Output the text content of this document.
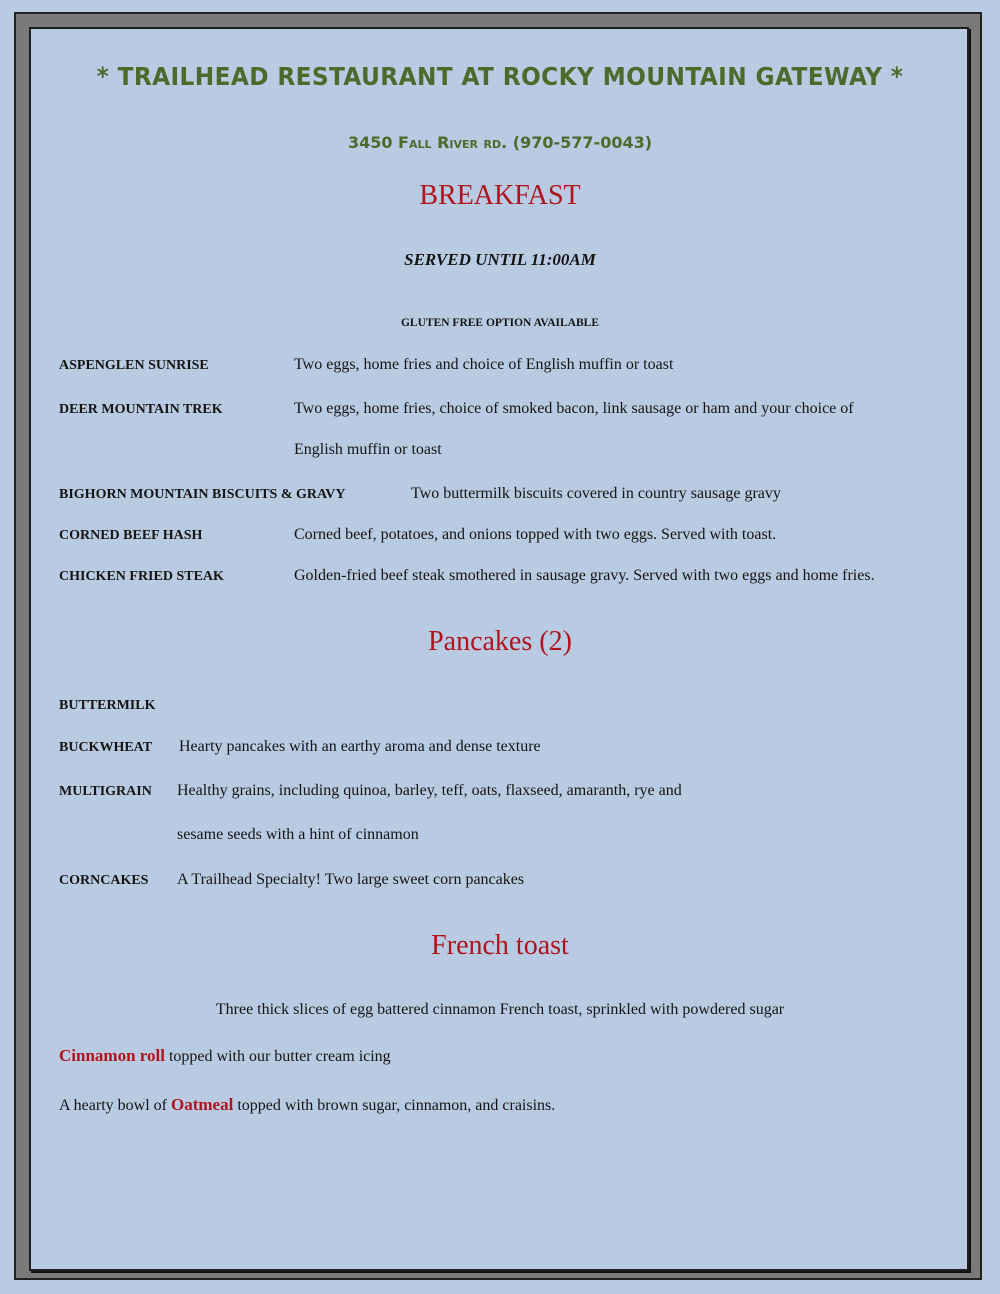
* TRAILHEAD RESTAURANT AT ROCKY MOUNTAIN GATEWAY *
3450 Fall River rd. (970-577-0043)
BREAKFAST
SERVED UNTIL 11:00AM
GLUTEN FREE OPTION AVAILABLE
ASPENGLEN SUNRISE	Two eggs, home fries and choice of English muffin or toast
DEER MOUNTAIN TREK	Two eggs, home fries, choice of smoked bacon, link sausage or ham and your choice of
English muffin or toast
BIGHORN MOUNTAIN BISCUITS & GRAVY	Two buttermilk biscuits covered in country sausage gravy
CORNED BEEF HASH	Corned beef, potatoes, and onions topped with two eggs. Served with toast.
CHICKEN FRIED STEAK	Golden-fried beef steak smothered in sausage gravy. Served with two eggs and home fries.
Pancakes (2)
BUTTERMILK
BUCKWHEAT Hearty pancakes with an earthy aroma and dense texture
MULTIGRAIN Healthy grains, including quinoa, barley, teff, oats, flaxseed, amaranth, rye and
sesame seeds with a hint of cinnamon
CORNCAKES A Trailhead Specialty! Two large sweet corn pancakes
French toast
Three thick slices of egg battered cinnamon French toast, sprinkled with powdered sugar
Cinnamon roll topped with our butter cream icing
A hearty bowl of Oatmeal topped with brown sugar, cinnamon, and craisins.
